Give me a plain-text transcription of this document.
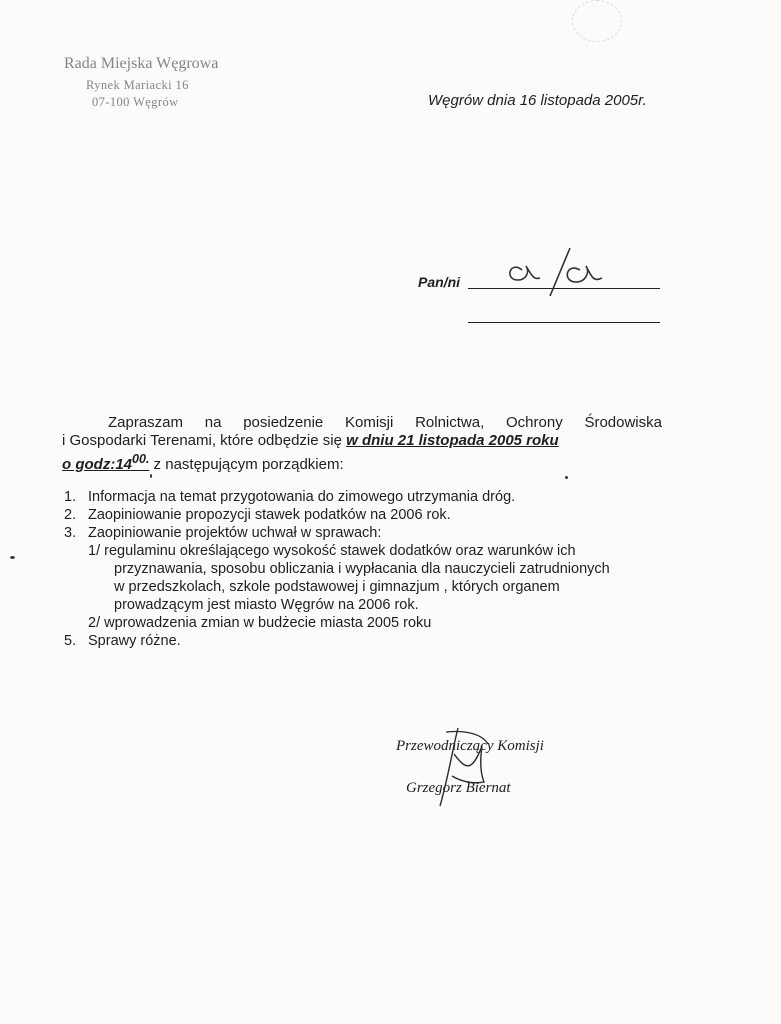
Rada Miejska Węgrowa
Rynek Mariacki 16
07-100 Węgrów	Węgrów dnia 16 listopada 2005r.
Pan/ni
Zapraszam na posiedzenie Komisji Rolnictwa, Ochrony Środowiska
i Gospodarki Terenami, które odbędzie się w dniu 21 listopada 2005 roku
o $godz:14^{00.}$ z następującym porządkiem:
1. Informacja na temat przygotowania do zimowego utrzymania dróg.
2. Zaopiniowanie propozycji stawek podatków na 2006 rok.
3. Zaopiniowanie projektów uchwał w sprawach:
1/ regulaminu określającego wysokość stawek dodatków oraz warunków ich
przyznawania, sposobu obliczania i wypłacania dla nauczycieli zatrudnionych
w przedszkolach, szkole podstawowej i gimnazjum , których organem
prowadzącym jest miasto Węgrów na 2006 rok.
2/ wprowadzenia zmian w budżecie miasta 2005 roku
5. Sprawy różne.
Przewodniczący Komisji
Grzegorz Biernat
